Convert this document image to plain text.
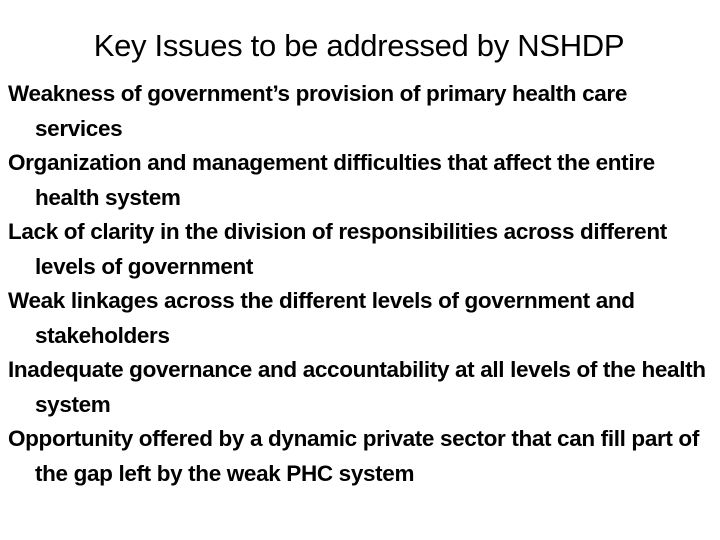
Key Issues to be addressed by NSHDP
Weakness of government’s provision of primary health care services
Organization and management difficulties that affect the entire health system
Lack of clarity in the division of responsibilities across different levels of government
Weak linkages across the different levels of government and stakeholders
Inadequate governance and accountability at all levels of the health system
Opportunity offered by a dynamic private sector that can fill part of the gap left by the weak PHC system
